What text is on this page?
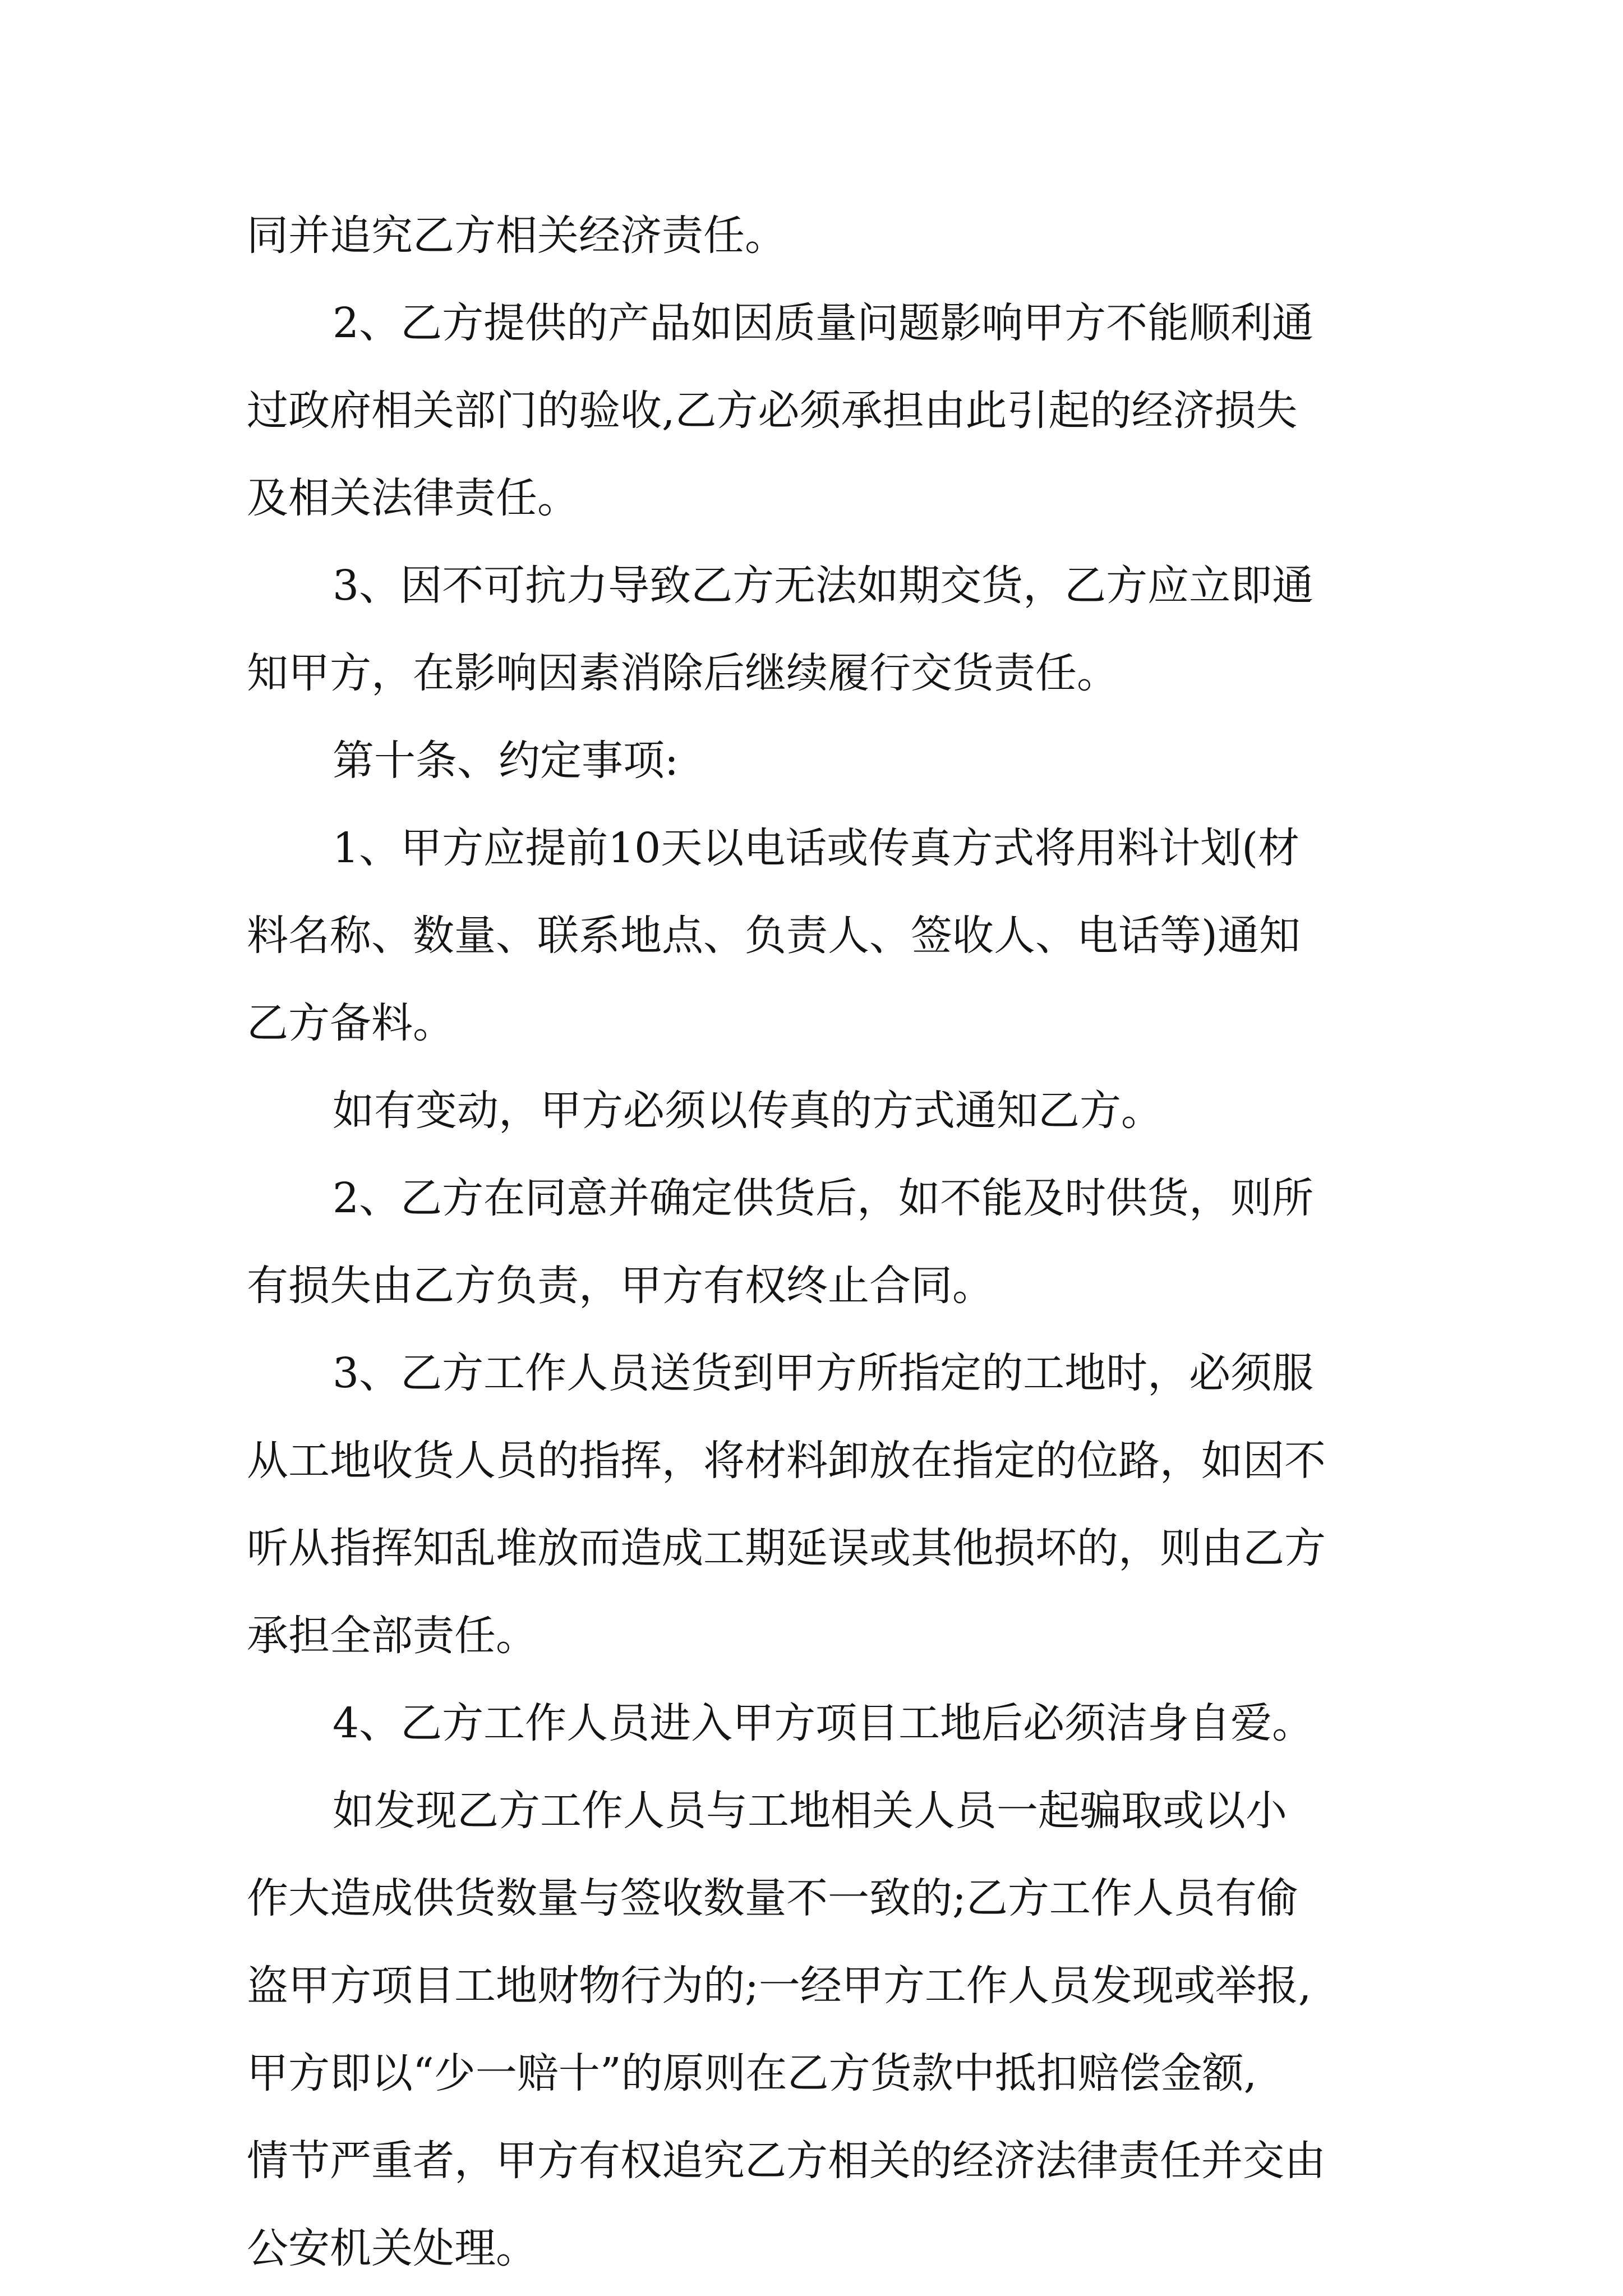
同并追究乙方相关经济责任。
2、乙方提供的产品如因质量问题影响甲方不能顺利通
过政府相关部门的验收,乙方必须承担由此引起的经济损失
及相关法律责任。
3、因不可抗力导致乙方无法如期交货，乙方应立即通
知甲方，在影响因素消除后继续履行交货责任。
第十条、约定事项:
1、甲方应提前10天以电话或传真方式将用料计划(材
料名称、数量、联系地点、负责人、签收人、电话等)通知
乙方备料。
如有变动，甲方必须以传真的方式通知乙方。
2、乙方在同意并确定供货后，如不能及时供货，则所
有损失由乙方负责，甲方有权终止合同。
3、乙方工作人员送货到甲方所指定的工地时，必须服
从工地收货人员的指挥，将材料卸放在指定的位路，如因不
听从指挥知乱堆放而造成工期延误或其他损坏的，则由乙方
承担全部责任。
4、乙方工作人员进入甲方项目工地后必须洁身自爱。
如发现乙方工作人员与工地相关人员一起骗取或以小
作大造成供货数量与签收数量不一致的;乙方工作人员有偷
盗甲方项目工地财物行为的;一经甲方工作人员发现或举报,
甲方即以“少一赔十”的原则在乙方货款中抵扣赔偿金额,
情节严重者，甲方有权追究乙方相关的经济法律责任并交由
公安机关处理。
